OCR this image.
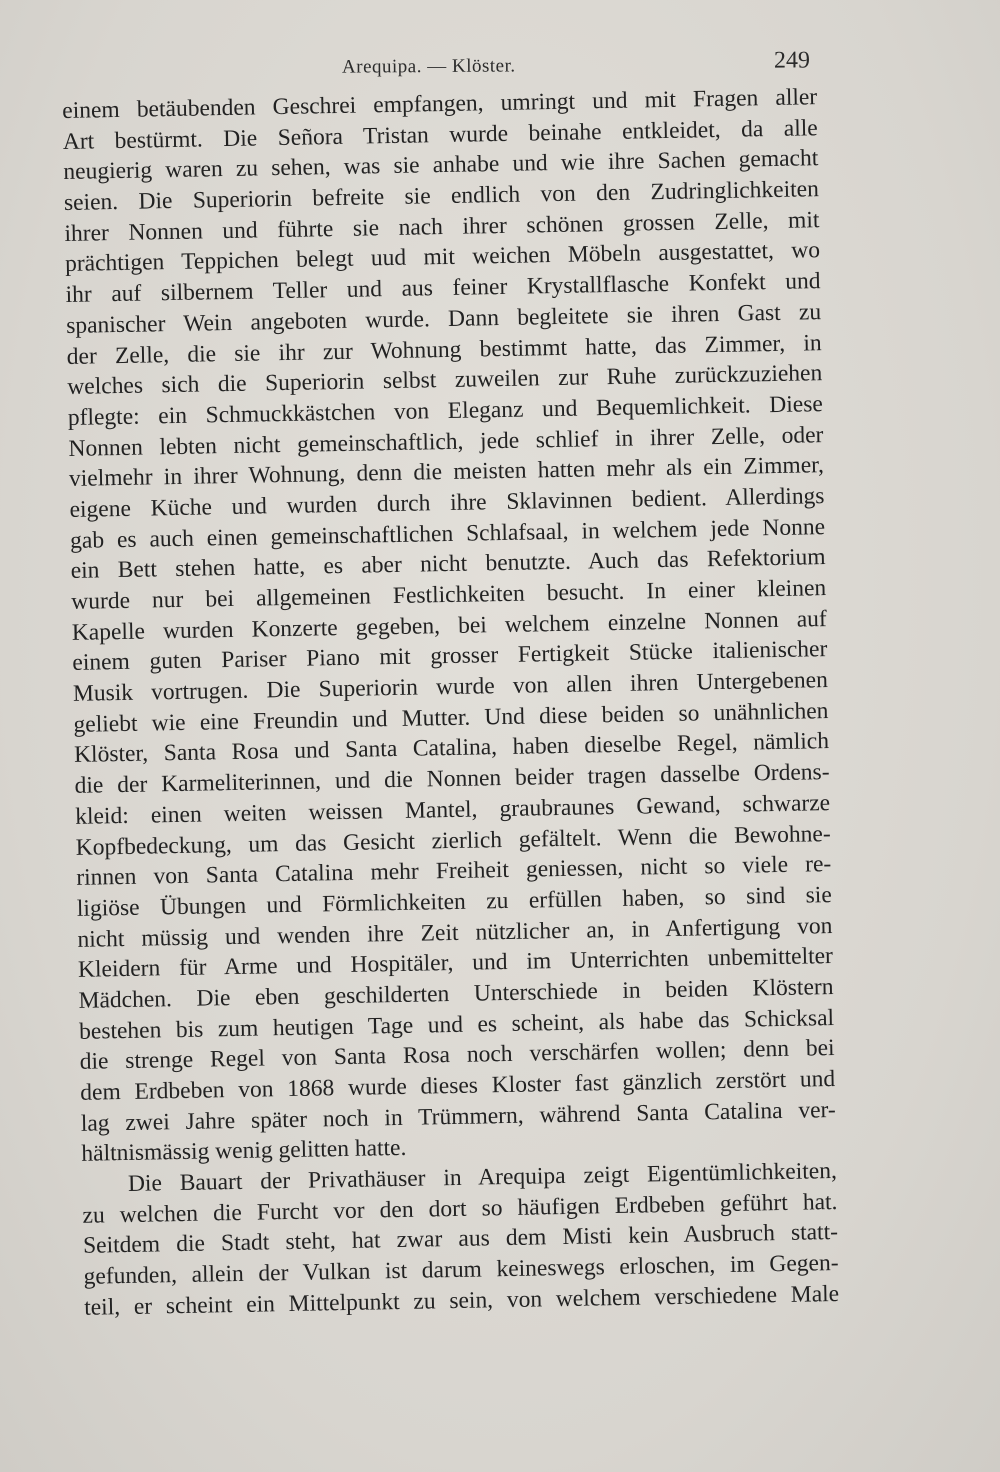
Arequipa. — Klöster.	249
einem betäubenden Geschrei empfangen, umringt und mit Fragen aller
Art bestürmt. Die Señora Tristan wurde beinahe entkleidet, da alle
neugierig waren zu sehen, was sie anhabe und wie ihre Sachen gemacht
seien. Die Superiorin befreite sie endlich von den Zudringlichkeiten
ihrer Nonnen und führte sie nach ihrer schönen grossen Zelle, mit
prächtigen Teppichen belegt uud mit weichen Möbeln ausgestattet, wo
ihr auf silbernem Teller und aus feiner Krystallflasche Konfekt und
spanischer Wein angeboten wurde. Dann begleitete sie ihren Gast zu
der Zelle, die sie ihr zur Wohnung bestimmt hatte, das Zimmer, in
welches sich die Superiorin selbst zuweilen zur Ruhe zurückzuziehen
pflegte: ein Schmuckkästchen von Eleganz und Bequemlichkeit. Diese
Nonnen lebten nicht gemeinschaftlich, jede schlief in ihrer Zelle, oder
vielmehr in ihrer Wohnung, denn die meisten hatten mehr als ein Zimmer,
eigene Küche und wurden durch ihre Sklavinnen bedient. Allerdings
gab es auch einen gemeinschaftlichen Schlafsaal, in welchem jede Nonne
ein Bett stehen hatte, es aber nicht benutzte. Auch das Refektorium
wurde nur bei allgemeinen Festlichkeiten besucht. In einer kleinen
Kapelle wurden Konzerte gegeben, bei welchem einzelne Nonnen auf
einem guten Pariser Piano mit grosser Fertigkeit Stücke italienischer
Musik vortrugen. Die Superiorin wurde von allen ihren Untergebenen
geliebt wie eine Freundin und Mutter. Und diese beiden so unähnlichen
Klöster, Santa Rosa und Santa Catalina, haben dieselbe Regel, nämlich
die der Karmeliterinnen, und die Nonnen beider tragen dasselbe Ordens-
kleid: einen weiten weissen Mantel, graubraunes Gewand, schwarze
Kopfbedeckung, um das Gesicht zierlich gefältelt. Wenn die Bewohne-
rinnen von Santa Catalina mehr Freiheit geniessen, nicht so viele re-
ligiöse Übungen und Förmlichkeiten zu erfüllen haben, so sind sie
nicht müssig und wenden ihre Zeit nützlicher an, in Anfertigung von
Kleidern für Arme und Hospitäler, und im Unterrichten unbemittelter
Mädchen. Die eben geschilderten Unterschiede in beiden Klöstern
bestehen bis zum heutigen Tage und es scheint, als habe das Schicksal
die strenge Regel von Santa Rosa noch verschärfen wollen; denn bei
dem Erdbeben von 1868 wurde dieses Kloster fast gänzlich zerstört und
lag zwei Jahre später noch in Trümmern, während Santa Catalina ver-
hältnismässig wenig gelitten hatte.
Die Bauart der Privathäuser in Arequipa zeigt Eigentümlichkeiten,
zu welchen die Furcht vor den dort so häufigen Erdbeben geführt hat.
Seitdem die Stadt steht, hat zwar aus dem Misti kein Ausbruch statt-
gefunden, allein der Vulkan ist darum keineswegs erloschen, im Gegen-
teil, er scheint ein Mittelpunkt zu sein, von welchem verschiedene Male
